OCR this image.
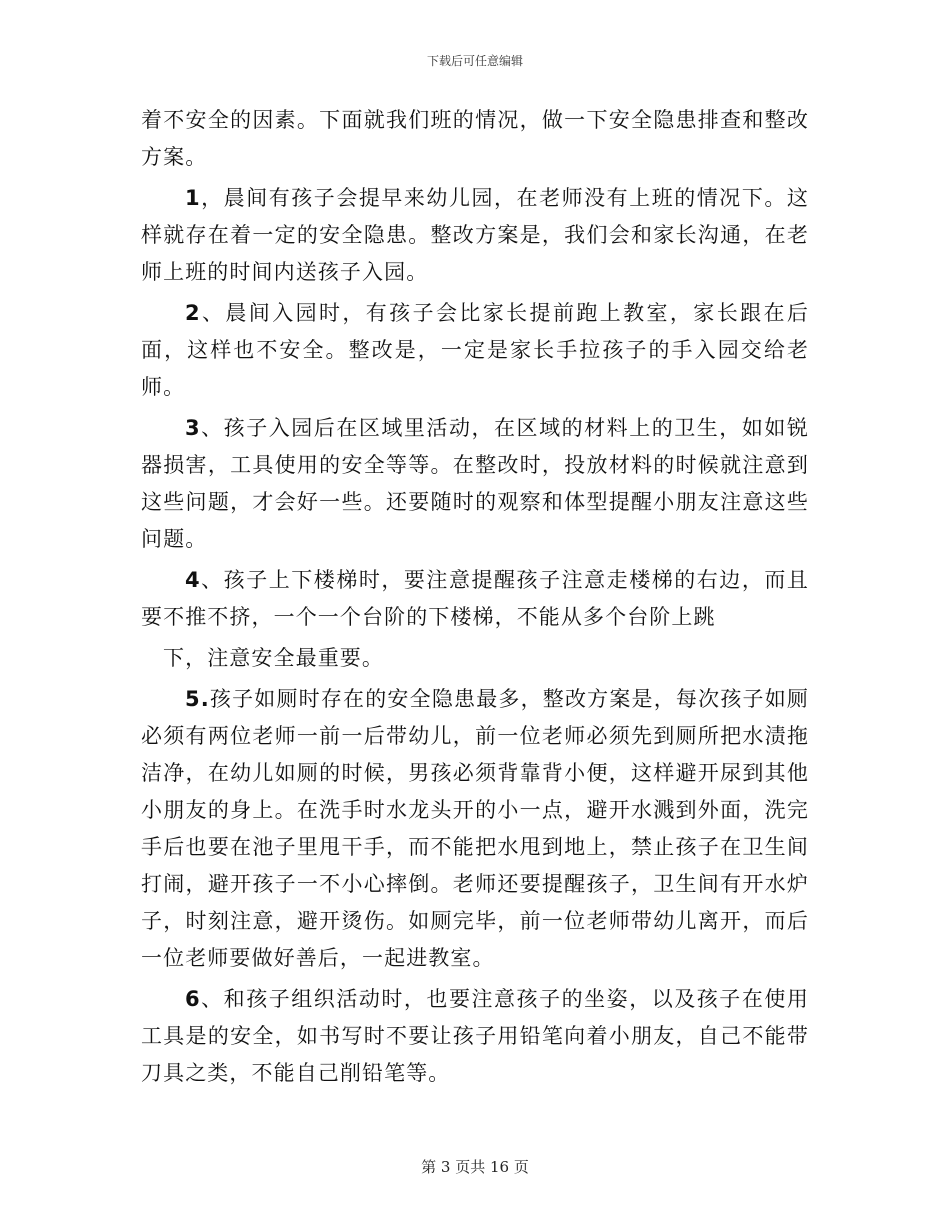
下载后可任意编辑

着不安全的因素。下面就我们班的情况，做一下安全隐患排查和整改方案。

1，晨间有孩子会提早来幼儿园，在老师没有上班的情况下。这样就存在着一定的安全隐患。整改方案是，我们会和家长沟通，在老师上班的时间内送孩子入园。

2、晨间入园时，有孩子会比家长提前跑上教室，家长跟在后面，这样也不安全。整改是，一定是家长手拉孩子的手入园交给老师。

3、孩子入园后在区域里活动，在区域的材料上的卫生，如如锐器损害，工具使用的安全等等。在整改时，投放材料的时候就注意到这些问题，才会好一些。还要随时的观察和体型提醒小朋友注意这些问题。

4、孩子上下楼梯时，要注意提醒孩子注意走楼梯的右边，而且要不推不挤，一个一个台阶的下楼梯，不能从多个台阶上跳

下，注意安全最重要。

5.孩子如厕时存在的安全隐患最多，整改方案是，每次孩子如厕必须有两位老师一前一后带幼儿，前一位老师必须先到厕所把水渍拖洁净，在幼儿如厕的时候，男孩必须背靠背小便，这样避开尿到其他小朋友的身上。在洗手时水龙头开的小一点，避开水溅到外面，洗完手后也要在池子里甩干手，而不能把水甩到地上，禁止孩子在卫生间打闹，避开孩子一不小心摔倒。老师还要提醒孩子，卫生间有开水炉子，时刻注意，避开烫伤。如厕完毕，前一位老师带幼儿离开，而后一位老师要做好善后，一起进教室。

6、和孩子组织活动时，也要注意孩子的坐姿，以及孩子在使用工具是的安全，如书写时不要让孩子用铅笔向着小朋友，自己不能带刀具之类，不能自己削铅笔等。

第 3 页共 16 页
